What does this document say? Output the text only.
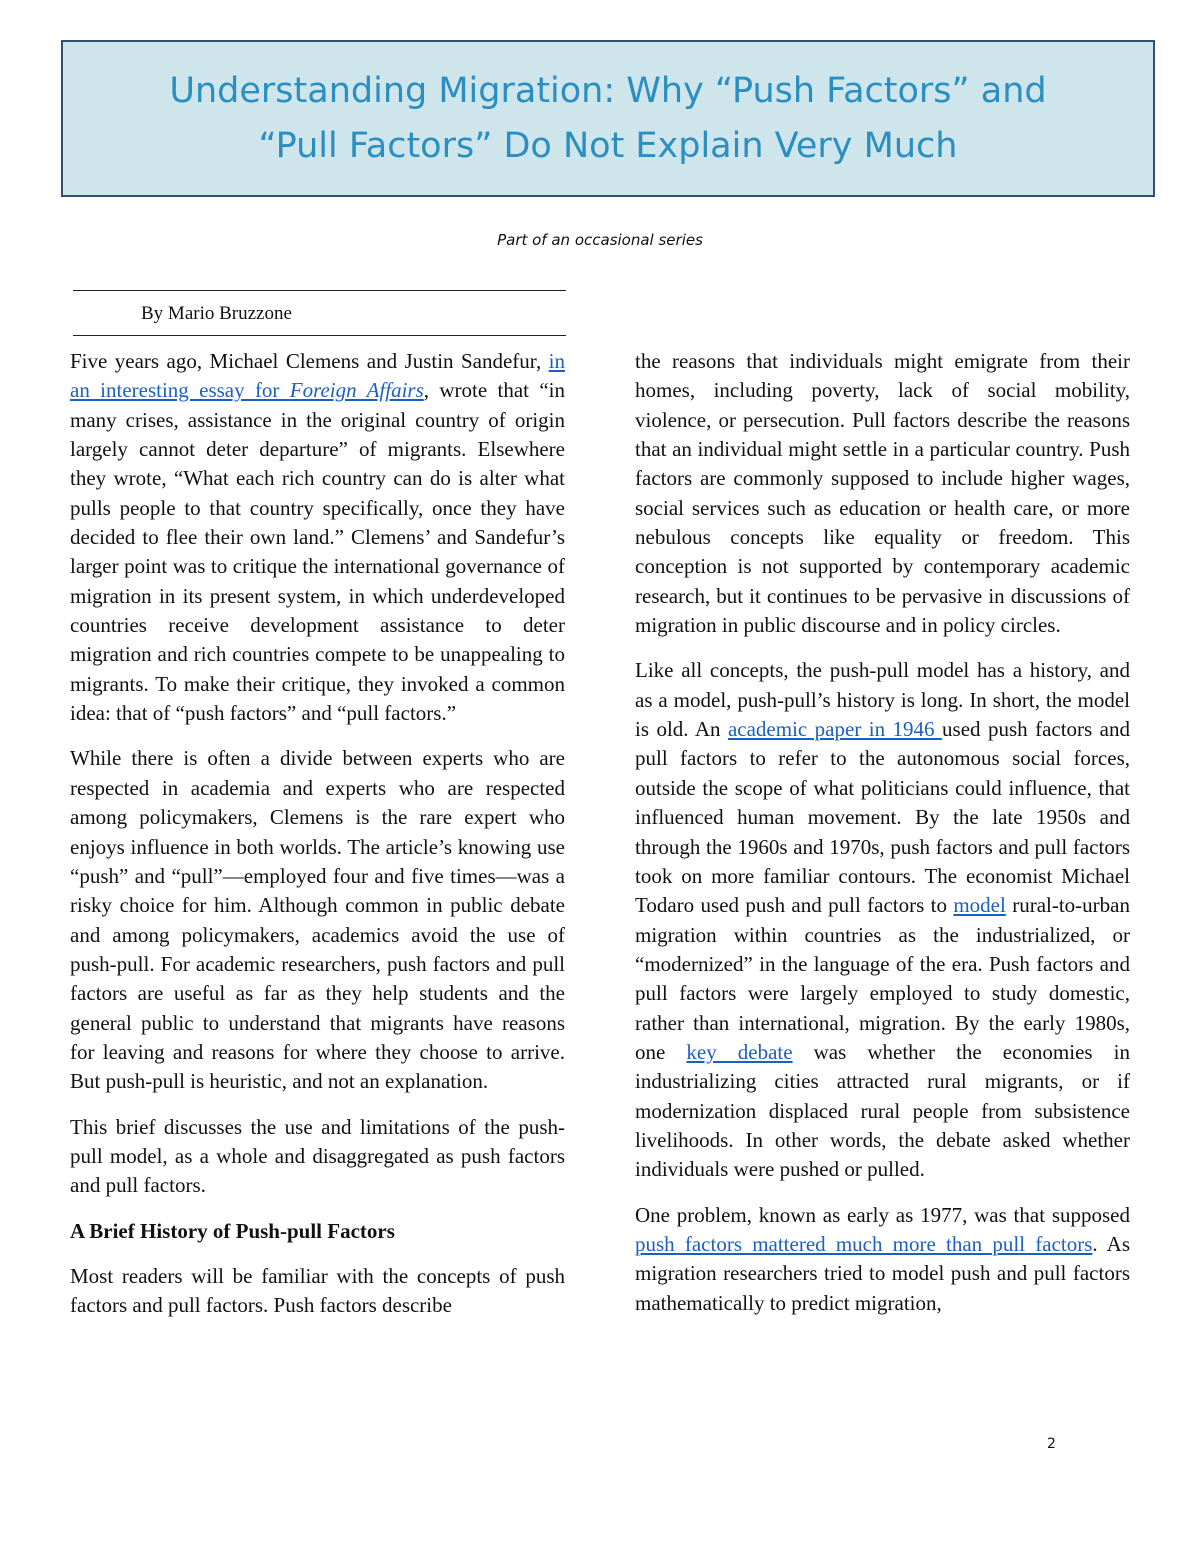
Understanding Migration: Why “Push Factors” and
“Pull Factors” Do Not Explain Very Much
Part of an occasional series
By Mario Bruzzone

Five years ago, Michael Clemens and Justin Sandefur, in an interesting essay for Foreign Affairs, wrote that “in many crises, assistance in the original country of origin largely cannot deter departure” of migrants. Elsewhere they wrote, “What each rich country can do is alter what pulls people to that country specifically, once they have decided to flee their own land.” Clemens’ and Sandefur’s larger point was to critique the international governance of migration in its present system, in which underdeveloped countries receive development assistance to deter migration and rich countries compete to be unappealing to migrants. To make their critique, they invoked a common idea: that of “push factors” and “pull factors.”

While there is often a divide between experts who are respected in academia and experts who are respected among policymakers, Clemens is the rare expert who enjoys influence in both worlds. The article’s knowing use “push” and “pull”—employed four and five times—was a risky choice for him. Although common in public debate and among policymakers, academics avoid the use of push-pull. For academic researchers, push factors and pull factors are useful as far as they help students and the general public to understand that migrants have reasons for leaving and reasons for where they choose to arrive. But push-pull is heuristic, and not an explanation.

This brief discusses the use and limitations of the push-pull model, as a whole and disaggregated as push factors and pull factors.

A Brief History of Push-pull Factors

Most readers will be familiar with the concepts of push factors and pull factors. Push factors describe

the reasons that individuals might emigrate from their homes, including poverty, lack of social mobility, violence, or persecution. Pull factors describe the reasons that an individual might settle in a particular country. Push factors are commonly supposed to include higher wages, social services such as education or health care, or more nebulous concepts like equality or freedom. This conception is not supported by contemporary academic research, but it continues to be pervasive in discussions of migration in public discourse and in policy circles.

Like all concepts, the push-pull model has a history, and as a model, push-pull’s history is long. In short, the model is old. An academic paper in 1946 used push factors and pull factors to refer to the autonomous social forces, outside the scope of what politicians could influence, that influenced human movement. By the late 1950s and through the 1960s and 1970s, push factors and pull factors took on more familiar contours. The economist Michael Todaro used push and pull factors to model rural-to-urban migration within countries as the industrialized, or “modernized” in the language of the era. Push factors and pull factors were largely employed to study domestic, rather than international, migration. By the early 1980s, one key debate was whether the economies in industrializing cities attracted rural migrants, or if modernization displaced rural people from subsistence livelihoods. In other words, the debate asked whether individuals were pushed or pulled.

One problem, known as early as 1977, was that supposed push factors mattered much more than pull factors. As migration researchers tried to model push and pull factors mathematically to predict migration,

2
